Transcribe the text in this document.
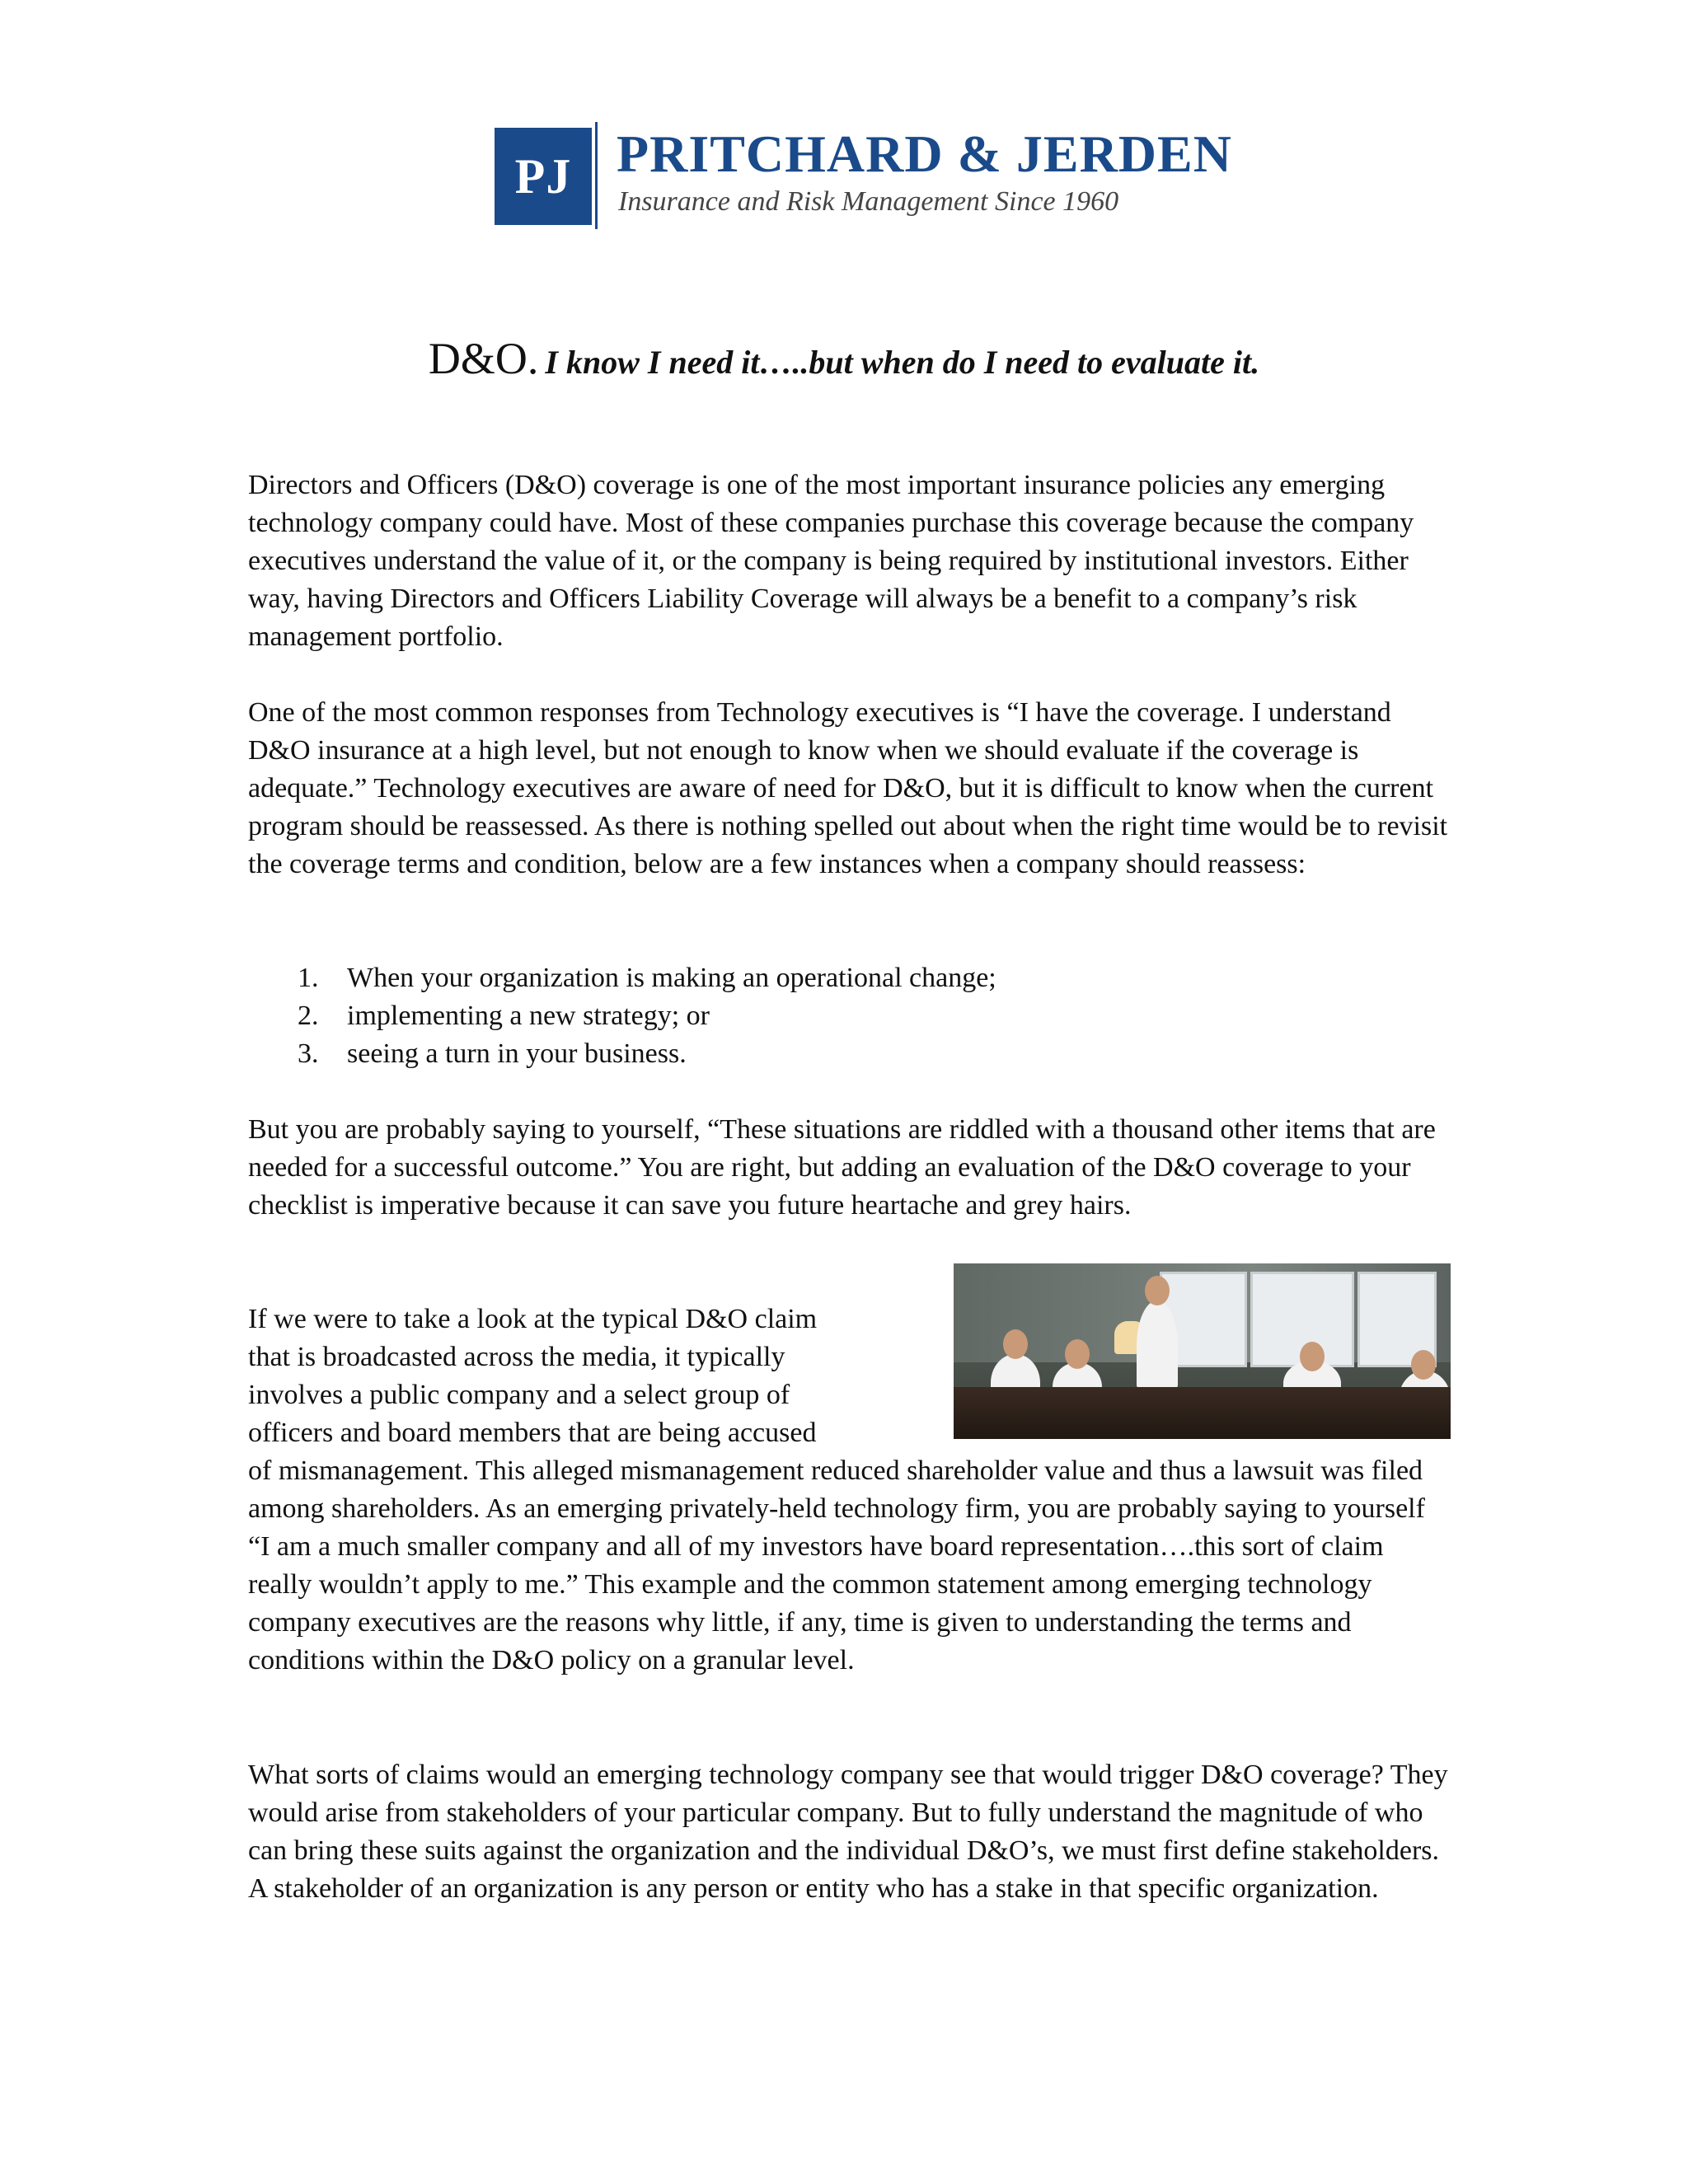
PJ PRITCHARD & JERDEN

Insurance and Risk Management Since 1960

D&O. I know I need it…..but when do I need to evaluate it.

Directors and Officers (D&O) coverage is one of the most important insurance policies any emerging technology company could have. Most of these companies purchase this coverage because the company executives understand the value of it, or the company is being required by institutional investors. Either way, having Directors and Officers Liability Coverage will always be a benefit to a company’s risk management portfolio.

One of the most common responses from Technology executives is “I have the coverage. I understand D&O insurance at a high level, but not enough to know when we should evaluate if the coverage is adequate.” Technology executives are aware of need for D&O, but it is difficult to know when the current program should be reassessed. As there is nothing spelled out about when the right time would be to revisit the coverage terms and condition, below are a few instances when a company should reassess:

1. When your organization is making an operational change;
2. implementing a new strategy; or
3. seeing a turn in your business.

But you are probably saying to yourself, “These situations are riddled with a thousand other items that are needed for a successful outcome.” You are right, but adding an evaluation of the D&O coverage to your checklist is imperative because it can save you future heartache and grey hairs.

If we were to take a look at the typical D&O claim
that is broadcasted across the media, it typically
involves a public company and a select group of
officers and board members that are being accused
of mismanagement. This alleged mismanagement reduced shareholder value and thus a lawsuit was filed among shareholders. As an emerging privately-held technology firm, you are probably saying to yourself “I am a much smaller company and all of my investors have board representation….this sort of claim really wouldn’t apply to me.” This example and the common statement among emerging technology company executives are the reasons why little, if any, time is given to understanding the terms and conditions within the D&O policy on a granular level.

What sorts of claims would an emerging technology company see that would trigger D&O coverage? They would arise from stakeholders of your particular company. But to fully understand the magnitude of who can bring these suits against the organization and the individual D&O’s, we must first define stakeholders. A stakeholder of an organization is any person or entity who has a stake in that specific organization.
